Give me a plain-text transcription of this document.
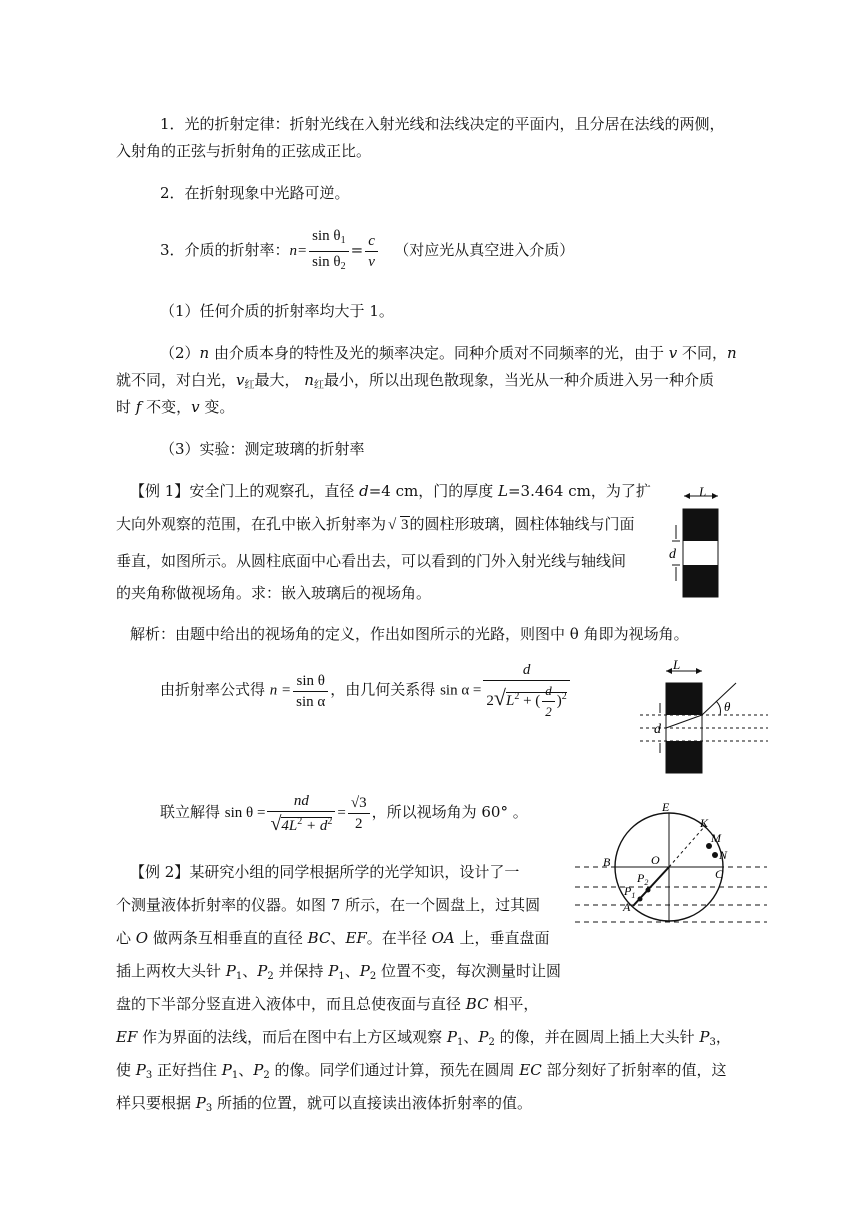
1．光的折射定律：折射光线在入射光线和法线决定的平面内，且分居在法线的两侧，
入射角的正弦与折射角的正弦成正比。
2．在折射现象中光路可逆。
3．介质的折射率：$n= \frac{\sin \theta_1}{\sin \theta_2} = \frac{c}{v}$ （对应光从真空进入介质）
（1）任何介质的折射率均大于 1。
（2）n 由介质本身的特性及光的频率决定。同种介质对不同频率的光，由于 v 不同，n
就不同，对白光，$v_红$最大， $n_红$最小，所以出现色散现象，当光从一种介质进入另一种介质
时 f 不变，v 变。
（3）实验：测定玻璃的折射率
【例 1】安全门上的观察孔，直径 d=4 cm，门的厚度 L=3.464 cm，为了扩
大向外观察的范围，在孔中嵌入折射率为 √ 3的圆柱形玻璃，圆柱体轴线与门面
垂直，如图所示。从圆柱底面中心看出去，可以看到的门外入射光线与轴线间
的夹角称做视场角。求：嵌入玻璃后的视场角。
L
d
解析：由题中给出的视场角的定义，作出如图所示的光路，则图中 θ 角即为视场角。
由折射率公式得 $n = \frac{\text{sin θ}}{\text{sin α}}$ ，由几何关系得 $\sin \alpha = \frac{d}{2√L^2 + ( \frac{d}{2} )^2}$	L
θ
d
联立解得 $\sin \theta = \frac{nd}{√4L^2 + d^2} = \frac{√3}{2}$ ，所以视场角为 60° 。	E
K
M
N
B	O
C
$P_2$
$P_1$
A
【例 2】某研究小组的同学根据所学的光学知识，设计了一
个测量液体折射率的仪器。如图 7 所示，在一个圆盘上，过其圆
心 O 做两条互相垂直的直径 BC、EF。在半径 OA 上，垂直盘面
插上两枚大头针 $P_1$、$P_2$ 并保持 $P_1$、$P_2$ 位置不变，每次测量时让圆
盘的下半部分竖直进入液体中，而且总使夜面与直径 BC 相平，
EF 作为界面的法线，而后在图中右上方区域观察 $P_1$、$P_2$ 的像，并在圆周上插上大头针 $P_3$，
使 $P_3$ 正好挡住 $P_1$、$P_2$ 的像。同学们通过计算，预先在圆周 EC 部分刻好了折射率的值，这
样只要根据 $P_3$ 所插的位置，就可以直接读出液体折射率的值。
